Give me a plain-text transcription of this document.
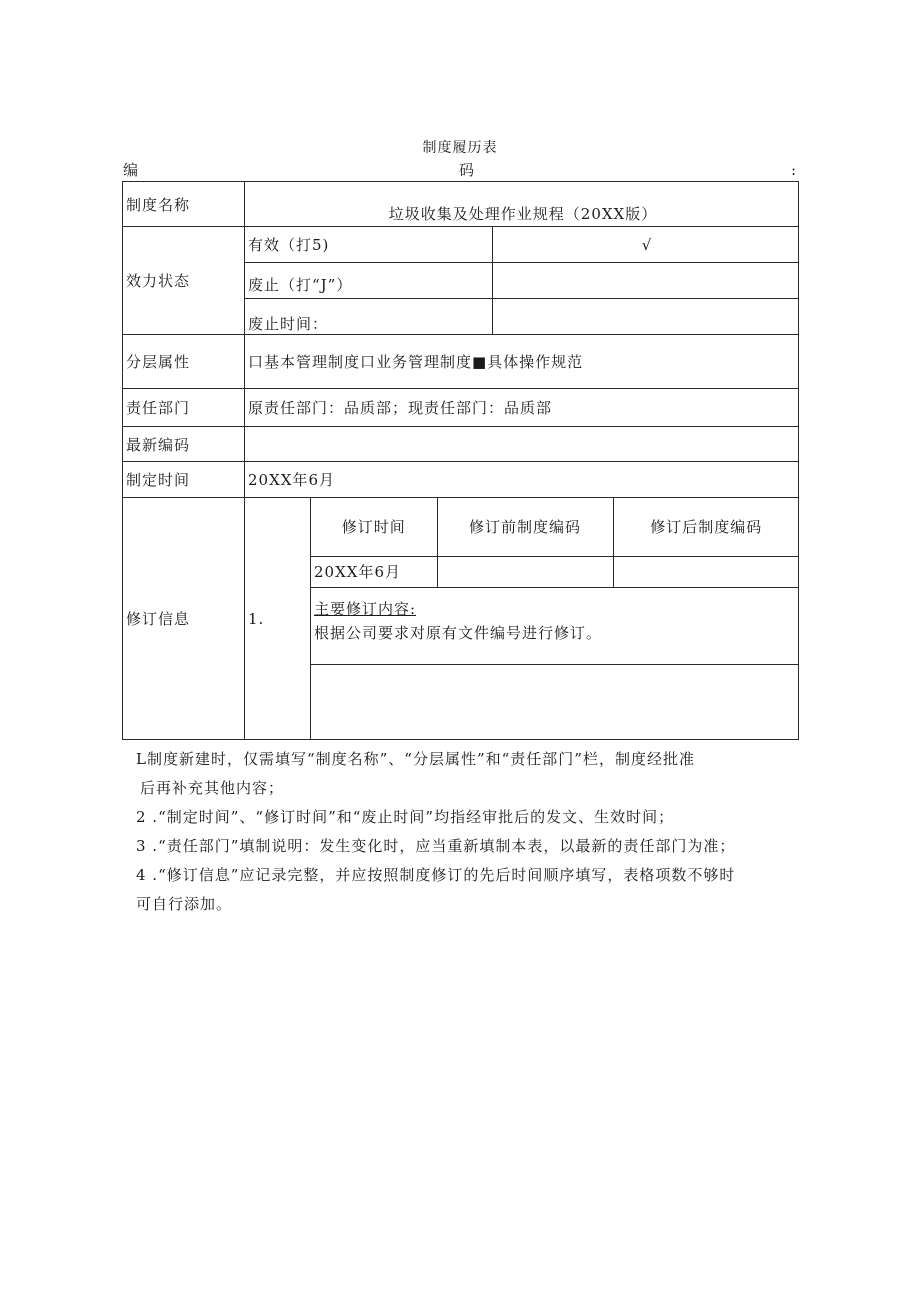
制度履历表
编	码	:
制度名称	垃圾收集及处理作业规程（20XX版）
效力状态	有效（打5)	√
废止（打“J”）	
废止时间：	
分层属性	口基本管理制度口业务管理制度■具体操作规范
责任部门	原责任部门：品质部；现责任部门：品质部
最新编码	
制定时间	20XX年6月
修订信息	1.	
修订时间	修订前制度编码	修订后制度编码
20XX年6月		

主要修订内容:
根据公司要求对原有文件编号进行修订。

L制度新建时，仅需填写“制度名称”、“分层属性”和“责任部门”栏，制度经批准
后再补充其他内容；
2 .“制定时间”、“修订时间”和“废止时间”均指经审批后的发文、生效时间；
3 .“责任部门”填制说明：发生变化时，应当重新填制本表，以最新的责任部门为准；
4 .“修订信息”应记录完整，并应按照制度修订的先后时间顺序填写，表格项数不够时
可自行添加。
